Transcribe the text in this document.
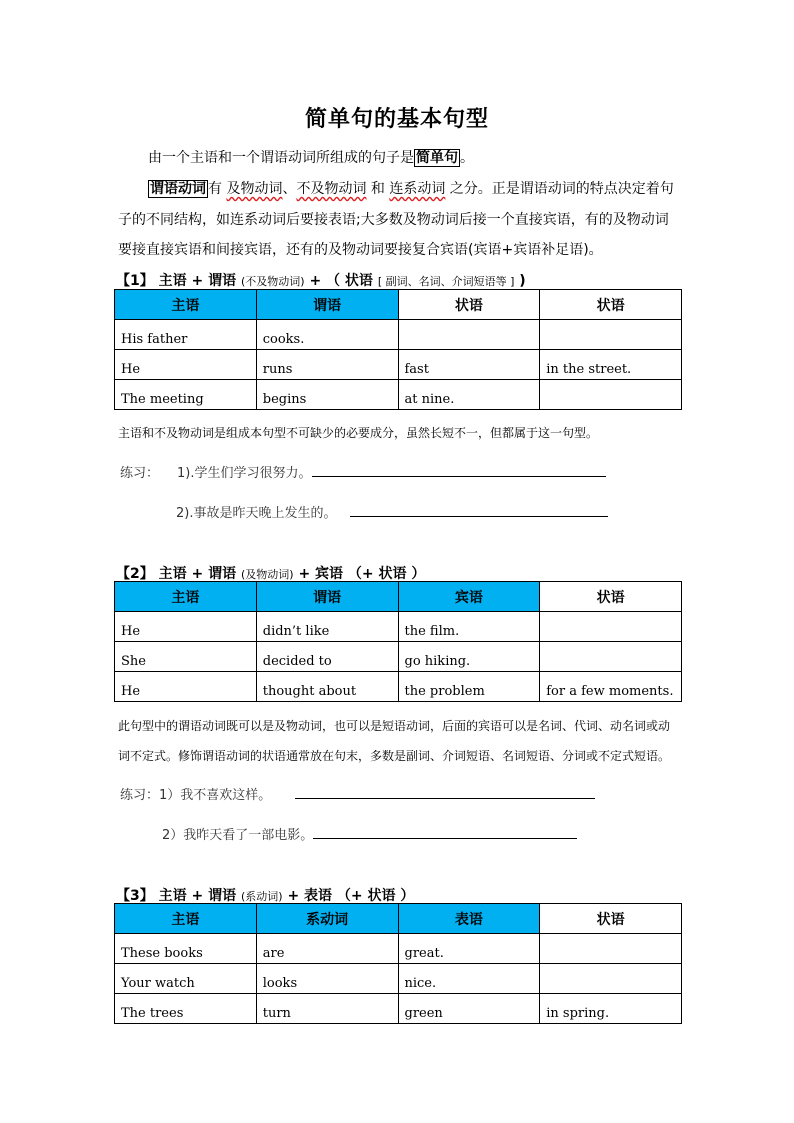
简单句的基本句型
由一个主语和一个谓语动词所组成的句子是 简单句 。
谓语动词 有 及物动词、不及物动词 和 连系动词 之分。正是谓语动词的特点决定着句
子的不同结构，如连系动词后要接表语;大多数及物动词后接一个直接宾语，有的及物动词
要接直接宾语和间接宾语，还有的及物动词要接复合宾语(宾语+宾语补足语)。
【1】 主语 + 谓语 (不及物动词) + （ 状语 [ 副词、名词、介词短语等 ] )
主语	谓语	状语	状语
His father	cooks.		
He	runs	fast	in the street.
The meeting	begins	at nine.	
主语和不及物动词是组成本句型不可缺少的必要成分，虽然长短不一，但都属于这一句型。
练习： 1).学生们学习很努力。
2).事故是昨天晚上发生的。
【2】 主语 + 谓语 (及物动词) + 宾语 （+ 状语 ）
主语	谓语	宾语	状语
He	didn’t like	the film.	
She	decided to	go hiking.	
He	thought about	the problem	for a few moments.
此句型中的谓语动词既可以是及物动词，也可以是短语动词，后面的宾语可以是名词、代词、动名词或动
词不定式。修饰谓语动词的状语通常放在句末，多数是副词、介词短语、名词短语、分词或不定式短语。
练习：1）我不喜欢这样。
2）我昨天看了一部电影。
【3】 主语 + 谓语 (系动词) + 表语 （+ 状语 ）
主语	系动词	表语	状语
These books	are	great.	
Your watch	looks	nice.	
The trees	turn	green	in spring.
